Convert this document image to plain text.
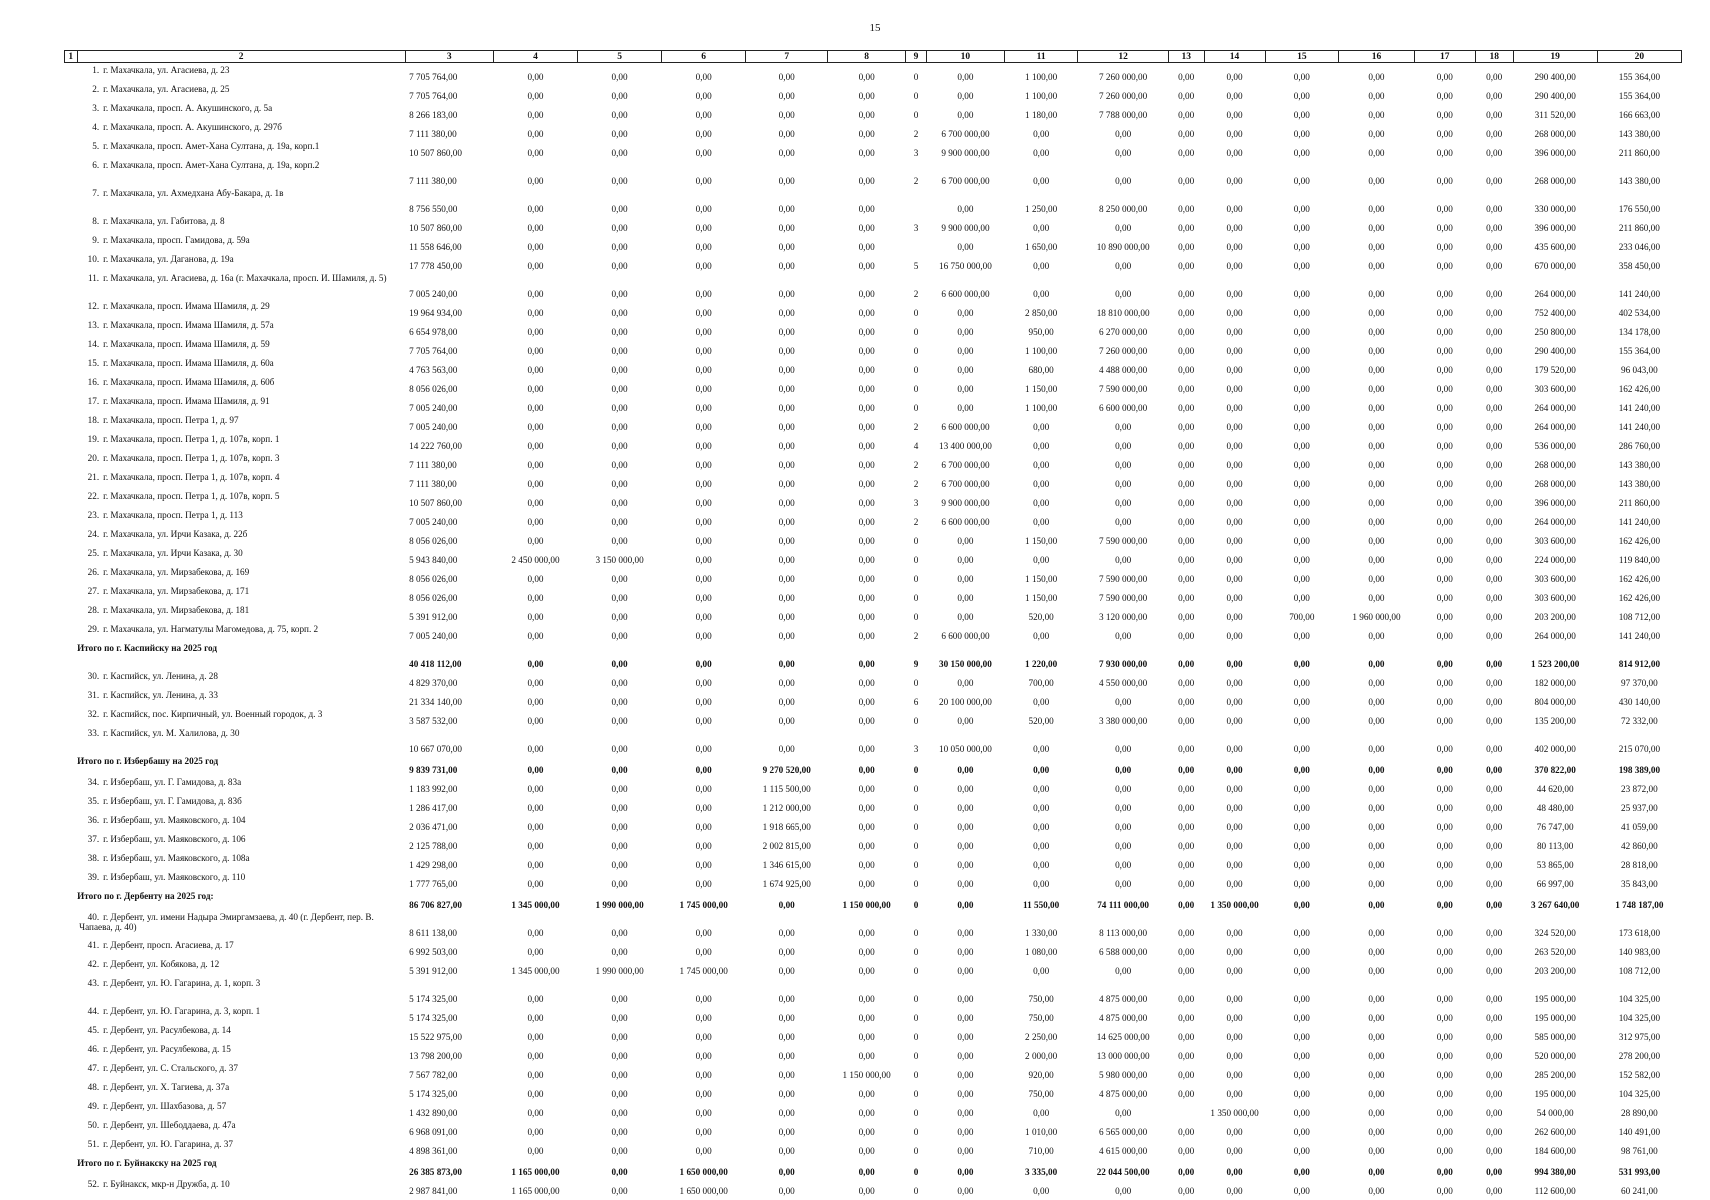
15
1	2	3	4	5	6	7	8	9	10	11	12	13	14	15	16	17	18	19	20
	1. г. Махачкала, ул. Агасиева, д. 23	7 705 764,00	0,00	0,00	0,00	0,00	0,00	0	0,00	1 100,00	7 260 000,00	0,00	0,00	0,00	0,00	0,00	0,00	290 400,00	155 364,00
	2. г. Махачкала, ул. Агасиева, д. 25	7 705 764,00	0,00	0,00	0,00	0,00	0,00	0	0,00	1 100,00	7 260 000,00	0,00	0,00	0,00	0,00	0,00	0,00	290 400,00	155 364,00
	3. г. Махачкала, просп. А. Акушинского, д. 5а	8 266 183,00	0,00	0,00	0,00	0,00	0,00	0	0,00	1 180,00	7 788 000,00	0,00	0,00	0,00	0,00	0,00	0,00	311 520,00	166 663,00
	4. г. Махачкала, просп. А. Акушинского, д. 297б	7 111 380,00	0,00	0,00	0,00	0,00	0,00	2	6 700 000,00	0,00	0,00	0,00	0,00	0,00	0,00	0,00	0,00	268 000,00	143 380,00
	5. г. Махачкала, просп. Амет-Хана Султана, д. 19а, корп.1	10 507 860,00	0,00	0,00	0,00	0,00	0,00	3	9 900 000,00	0,00	0,00	0,00	0,00	0,00	0,00	0,00	0,00	396 000,00	211 860,00
	6. г. Махачкала, просп. Амет-Хана Султана, д. 19а, корп.2	7 111 380,00	0,00	0,00	0,00	0,00	0,00	2	6 700 000,00	0,00	0,00	0,00	0,00	0,00	0,00	0,00	0,00	268 000,00	143 380,00
	7. г. Махачкала, ул. Ахмедхана Абу-Бакара, д. 1в	8 756 550,00	0,00	0,00	0,00	0,00	0,00		0,00	1 250,00	8 250 000,00	0,00	0,00	0,00	0,00	0,00	0,00	330 000,00	176 550,00
	8. г. Махачкала, ул. Габитова, д. 8	10 507 860,00	0,00	0,00	0,00	0,00	0,00	3	9 900 000,00	0,00	0,00	0,00	0,00	0,00	0,00	0,00	0,00	396 000,00	211 860,00
	9. г. Махачкала, просп. Гамидова, д. 59а	11 558 646,00	0,00	0,00	0,00	0,00	0,00		0,00	1 650,00	10 890 000,00	0,00	0,00	0,00	0,00	0,00	0,00	435 600,00	233 046,00
	10. г. Махачкала, ул. Даганова, д. 19а	17 778 450,00	0,00	0,00	0,00	0,00	0,00	5	16 750 000,00	0,00	0,00	0,00	0,00	0,00	0,00	0,00	0,00	670 000,00	358 450,00
	11. г. Махачкала, ул. Агасиева, д. 16а (г. Махачкала, просп. И. Шамиля, д. 5)	7 005 240,00	0,00	0,00	0,00	0,00	0,00	2	6 600 000,00	0,00	0,00	0,00	0,00	0,00	0,00	0,00	0,00	264 000,00	141 240,00
	12. г. Махачкала, просп. Имама Шамиля, д. 29	19 964 934,00	0,00	0,00	0,00	0,00	0,00	0	0,00	2 850,00	18 810 000,00	0,00	0,00	0,00	0,00	0,00	0,00	752 400,00	402 534,00
	13. г. Махачкала, просп. Имама Шамиля, д. 57а	6 654 978,00	0,00	0,00	0,00	0,00	0,00	0	0,00	950,00	6 270 000,00	0,00	0,00	0,00	0,00	0,00	0,00	250 800,00	134 178,00
	14. г. Махачкала, просп. Имама Шамиля, д. 59	7 705 764,00	0,00	0,00	0,00	0,00	0,00	0	0,00	1 100,00	7 260 000,00	0,00	0,00	0,00	0,00	0,00	0,00	290 400,00	155 364,00
	15. г. Махачкала, просп. Имама Шамиля, д. 60а	4 763 563,00	0,00	0,00	0,00	0,00	0,00	0	0,00	680,00	4 488 000,00	0,00	0,00	0,00	0,00	0,00	0,00	179 520,00	96 043,00
	16. г. Махачкала, просп. Имама Шамиля, д. 60б	8 056 026,00	0,00	0,00	0,00	0,00	0,00	0	0,00	1 150,00	7 590 000,00	0,00	0,00	0,00	0,00	0,00	0,00	303 600,00	162 426,00
	17. г. Махачкала, просп. Имама Шамиля, д. 91	7 005 240,00	0,00	0,00	0,00	0,00	0,00	0	0,00	1 100,00	6 600 000,00	0,00	0,00	0,00	0,00	0,00	0,00	264 000,00	141 240,00
	18. г. Махачкала, просп. Петра 1, д. 97	7 005 240,00	0,00	0,00	0,00	0,00	0,00	2	6 600 000,00	0,00	0,00	0,00	0,00	0,00	0,00	0,00	0,00	264 000,00	141 240,00
	19. г. Махачкала, просп. Петра 1, д. 107в, корп. 1	14 222 760,00	0,00	0,00	0,00	0,00	0,00	4	13 400 000,00	0,00	0,00	0,00	0,00	0,00	0,00	0,00	0,00	536 000,00	286 760,00
	20. г. Махачкала, просп. Петра 1, д. 107в, корп. 3	7 111 380,00	0,00	0,00	0,00	0,00	0,00	2	6 700 000,00	0,00	0,00	0,00	0,00	0,00	0,00	0,00	0,00	268 000,00	143 380,00
	21. г. Махачкала, просп. Петра 1, д. 107в, корп. 4	7 111 380,00	0,00	0,00	0,00	0,00	0,00	2	6 700 000,00	0,00	0,00	0,00	0,00	0,00	0,00	0,00	0,00	268 000,00	143 380,00
	22. г. Махачкала, просп. Петра 1, д. 107в, корп. 5	10 507 860,00	0,00	0,00	0,00	0,00	0,00	3	9 900 000,00	0,00	0,00	0,00	0,00	0,00	0,00	0,00	0,00	396 000,00	211 860,00
	23. г. Махачкала, просп. Петра 1, д. 113	7 005 240,00	0,00	0,00	0,00	0,00	0,00	2	6 600 000,00	0,00	0,00	0,00	0,00	0,00	0,00	0,00	0,00	264 000,00	141 240,00
	24. г. Махачкала, ул. Ирчи Казака, д. 22б	8 056 026,00	0,00	0,00	0,00	0,00	0,00	0	0,00	1 150,00	7 590 000,00	0,00	0,00	0,00	0,00	0,00	0,00	303 600,00	162 426,00
	25. г. Махачкала, ул. Ирчи Казака, д. 30	5 943 840,00	2 450 000,00	3 150 000,00	0,00	0,00	0,00	0	0,00	0,00	0,00	0,00	0,00	0,00	0,00	0,00	0,00	224 000,00	119 840,00
	26. г. Махачкала, ул. Мирзабекова, д. 169	8 056 026,00	0,00	0,00	0,00	0,00	0,00	0	0,00	1 150,00	7 590 000,00	0,00	0,00	0,00	0,00	0,00	0,00	303 600,00	162 426,00
	27. г. Махачкала, ул. Мирзабекова, д. 171	8 056 026,00	0,00	0,00	0,00	0,00	0,00	0	0,00	1 150,00	7 590 000,00	0,00	0,00	0,00	0,00	0,00	0,00	303 600,00	162 426,00
	28. г. Махачкала, ул. Мирзабекова, д. 181	5 391 912,00	0,00	0,00	0,00	0,00	0,00	0	0,00	520,00	3 120 000,00	0,00	0,00	700,00	1 960 000,00	0,00	0,00	203 200,00	108 712,00
	29. г. Махачкала, ул. Нагматулы Магомедова, д. 75, корп. 2	7 005 240,00	0,00	0,00	0,00	0,00	0,00	2	6 600 000,00	0,00	0,00	0,00	0,00	0,00	0,00	0,00	0,00	264 000,00	141 240,00
	Итого по г. Каспийску на 2025 год	40 418 112,00	0,00	0,00	0,00	0,00	0,00	9	30 150 000,00	1 220,00	7 930 000,00	0,00	0,00	0,00	0,00	0,00	0,00	1 523 200,00	814 912,00
	30. г. Каспийск, ул. Ленина, д. 28	4 829 370,00	0,00	0,00	0,00	0,00	0,00	0	0,00	700,00	4 550 000,00	0,00	0,00	0,00	0,00	0,00	0,00	182 000,00	97 370,00
	31. г. Каспийск, ул. Ленина, д. 33	21 334 140,00	0,00	0,00	0,00	0,00	0,00	6	20 100 000,00	0,00	0,00	0,00	0,00	0,00	0,00	0,00	0,00	804 000,00	430 140,00
	32. г. Каспийск, пос. Кирпичный, ул. Военный городок, д. 3	3 587 532,00	0,00	0,00	0,00	0,00	0,00	0	0,00	520,00	3 380 000,00	0,00	0,00	0,00	0,00	0,00	0,00	135 200,00	72 332,00
	33. г. Каспийск, ул. М. Халилова, д. 30	10 667 070,00	0,00	0,00	0,00	0,00	0,00	3	10 050 000,00	0,00	0,00	0,00	0,00	0,00	0,00	0,00	0,00	402 000,00	215 070,00
	Итого по г. Избербашу на 2025 год	9 839 731,00	0,00	0,00	0,00	9 270 520,00	0,00	0	0,00	0,00	0,00	0,00	0,00	0,00	0,00	0,00	0,00	370 822,00	198 389,00
	34. г. Избербаш, ул. Г. Гамидова, д. 83а	1 183 992,00	0,00	0,00	0,00	1 115 500,00	0,00	0	0,00	0,00	0,00	0,00	0,00	0,00	0,00	0,00	0,00	44 620,00	23 872,00
	35. г. Избербаш, ул. Г. Гамидова, д. 83б	1 286 417,00	0,00	0,00	0,00	1 212 000,00	0,00	0	0,00	0,00	0,00	0,00	0,00	0,00	0,00	0,00	0,00	48 480,00	25 937,00
	36. г. Избербаш, ул. Маяковского, д. 104	2 036 471,00	0,00	0,00	0,00	1 918 665,00	0,00	0	0,00	0,00	0,00	0,00	0,00	0,00	0,00	0,00	0,00	76 747,00	41 059,00
	37. г. Избербаш, ул. Маяковского, д. 106	2 125 788,00	0,00	0,00	0,00	2 002 815,00	0,00	0	0,00	0,00	0,00	0,00	0,00	0,00	0,00	0,00	0,00	80 113,00	42 860,00
	38. г. Избербаш, ул. Маяковского, д. 108а	1 429 298,00	0,00	0,00	0,00	1 346 615,00	0,00	0	0,00	0,00	0,00	0,00	0,00	0,00	0,00	0,00	0,00	53 865,00	28 818,00
	39. г. Избербаш, ул. Маяковского, д. 110	1 777 765,00	0,00	0,00	0,00	1 674 925,00	0,00	0	0,00	0,00	0,00	0,00	0,00	0,00	0,00	0,00	0,00	66 997,00	35 843,00
	Итого по г. Дербенту на 2025 год:	86 706 827,00	1 345 000,00	1 990 000,00	1 745 000,00	0,00	1 150 000,00	0	0,00	11 550,00	74 111 000,00	0,00	1 350 000,00	0,00	0,00	0,00	0,00	3 267 640,00	1 748 187,00
	40. г. Дербент, ул. имени Надыра Эмиргамзаева, д. 40 (г. Дербент, пер. В. Чапаева, д. 40)	8 611 138,00	0,00	0,00	0,00	0,00	0,00	0	0,00	1 330,00	8 113 000,00	0,00	0,00	0,00	0,00	0,00	0,00	324 520,00	173 618,00
	41. г. Дербент, просп. Агасиева, д. 17	6 992 503,00	0,00	0,00	0,00	0,00	0,00	0	0,00	1 080,00	6 588 000,00	0,00	0,00	0,00	0,00	0,00	0,00	263 520,00	140 983,00
	42. г. Дербент, ул. Кобякова, д. 12	5 391 912,00	1 345 000,00	1 990 000,00	1 745 000,00	0,00	0,00	0	0,00	0,00	0,00	0,00	0,00	0,00	0,00	0,00	0,00	203 200,00	108 712,00
	43. г. Дербент, ул. Ю. Гагарина, д. 1, корп. 3	5 174 325,00	0,00	0,00	0,00	0,00	0,00	0	0,00	750,00	4 875 000,00	0,00	0,00	0,00	0,00	0,00	0,00	195 000,00	104 325,00
	44. г. Дербент, ул. Ю. Гагарина, д. 3, корп. 1	5 174 325,00	0,00	0,00	0,00	0,00	0,00	0	0,00	750,00	4 875 000,00	0,00	0,00	0,00	0,00	0,00	0,00	195 000,00	104 325,00
	45. г. Дербент, ул. Расулбекова, д. 14	15 522 975,00	0,00	0,00	0,00	0,00	0,00	0	0,00	2 250,00	14 625 000,00	0,00	0,00	0,00	0,00	0,00	0,00	585 000,00	312 975,00
	46. г. Дербент, ул. Расулбекова, д. 15	13 798 200,00	0,00	0,00	0,00	0,00	0,00	0	0,00	2 000,00	13 000 000,00	0,00	0,00	0,00	0,00	0,00	0,00	520 000,00	278 200,00
	47. г. Дербент, ул. С. Стальского, д. 37	7 567 782,00	0,00	0,00	0,00	0,00	1 150 000,00	0	0,00	920,00	5 980 000,00	0,00	0,00	0,00	0,00	0,00	0,00	285 200,00	152 582,00
	48. г. Дербент, ул. Х. Тагиева, д. 37а	5 174 325,00	0,00	0,00	0,00	0,00	0,00	0	0,00	750,00	4 875 000,00	0,00	0,00	0,00	0,00	0,00	0,00	195 000,00	104 325,00
	49. г. Дербент, ул. Шахбазова, д. 57	1 432 890,00	0,00	0,00	0,00	0,00	0,00	0	0,00	0,00	0,00		1 350 000,00	0,00	0,00	0,00	0,00	54 000,00	28 890,00
	50. г. Дербент, ул. Шебоддаева, д. 47а	6 968 091,00	0,00	0,00	0,00	0,00	0,00	0	0,00	1 010,00	6 565 000,00	0,00	0,00	0,00	0,00	0,00	0,00	262 600,00	140 491,00
	51. г. Дербент, ул. Ю. Гагарина, д. 37	4 898 361,00	0,00	0,00	0,00	0,00	0,00	0	0,00	710,00	4 615 000,00	0,00	0,00	0,00	0,00	0,00	0,00	184 600,00	98 761,00
	Итого по г. Буйнакску на 2025 год	26 385 873,00	1 165 000,00	0,00	1 650 000,00	0,00	0,00	0	0,00	3 335,00	22 044 500,00	0,00	0,00	0,00	0,00	0,00	0,00	994 380,00	531 993,00
	52. г. Буйнакск, мкр-н Дружба, д. 10	2 987 841,00	1 165 000,00	0,00	1 650 000,00	0,00	0,00	0	0,00	0,00	0,00	0,00	0,00	0,00	0,00	0,00	0,00	112 600,00	60 241,00
